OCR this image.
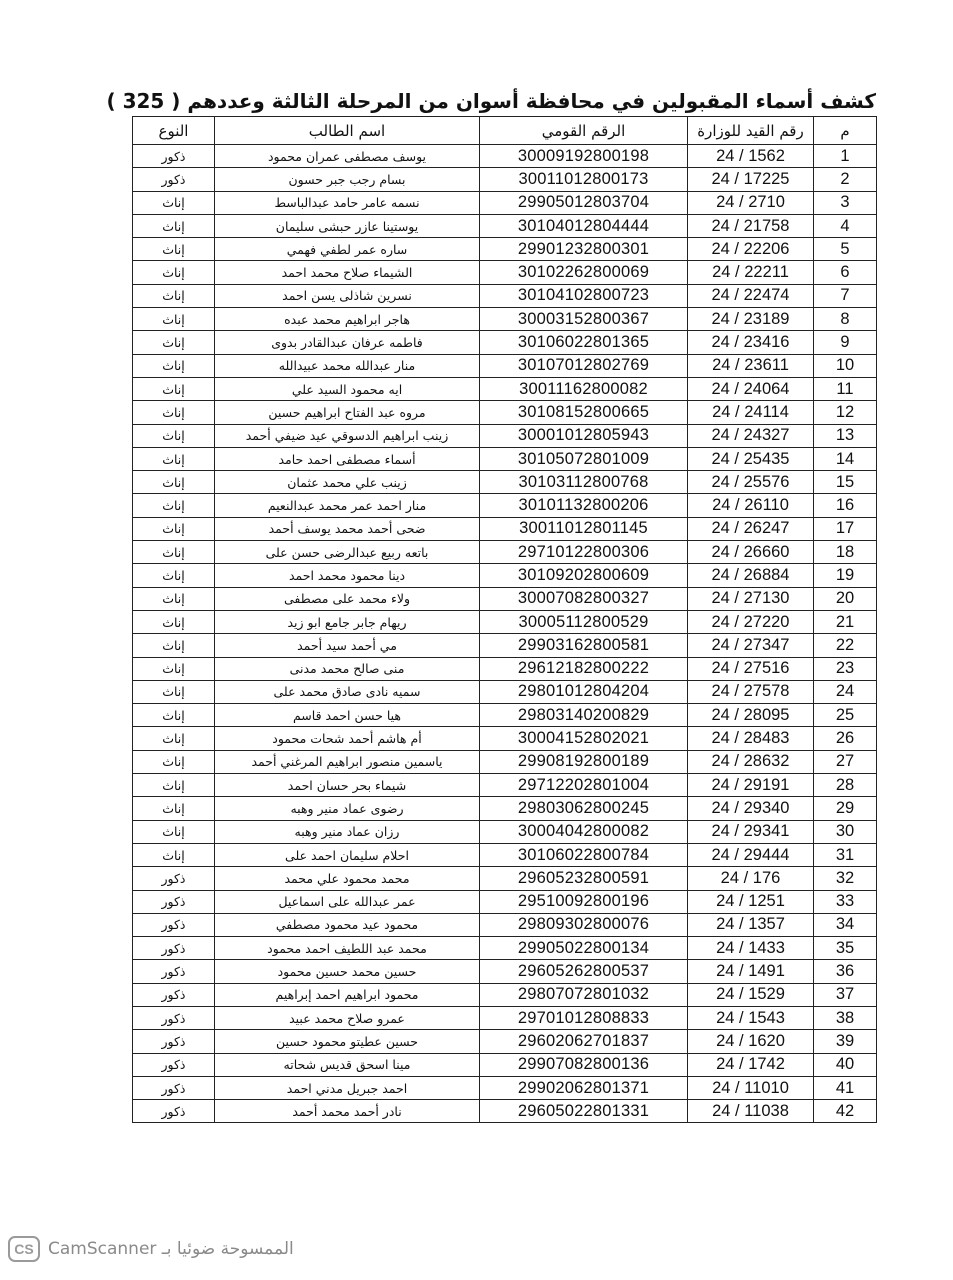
كشف أسماء المقبولين في محافظة أسوان من المرحلة الثالثة وعددهم ( 325 )
م	رقم القيد للوزارة	الرقم القومي	اسم الطالب	النوع
1	24 / 1562	30009192800198	يوسف مصطفى عمران محمود	ذكور
2	24 / 17225	30011012800173	بسام رجب جبر حسون	ذكور
3	24 / 2710	29905012803704	نسمه عامر حامد عبدالباسط	إناث
4	24 / 21758	30104012804444	يوستينا عازر حبشى سليمان	إناث
5	24 / 22206	29901232800301	ساره عمر لطفي فهمي	إناث
6	24 / 22211	30102262800069	الشيماء صلاح محمد احمد	إناث
7	24 / 22474	30104102800723	نسرين شاذلى يسن احمد	إناث
8	24 / 23189	30003152800367	هاجر ابراهيم محمد عبده	إناث
9	24 / 23416	30106022801365	فاطمه عرفان عبدالقادر بدوى	إناث
10	24 / 23611	30107012802769	منار عبدالله محمد عبيدالله	إناث
11	24 / 24064	30011162800082	ايه محمود السيد علي	إناث
12	24 / 24114	30108152800665	مروه عبد الفتاح ابراهيم حسين	إناث
13	24 / 24327	30001012805943	زينب ابراهيم الدسوقي عيد ضيفي أحمد	إناث
14	24 / 25435	30105072801009	أسماء مصطفى احمد حامد	إناث
15	24 / 25576	30103112800768	زينب علي محمد عثمان	إناث
16	24 / 26110	30101132800206	منار احمد عمر محمد عبدالنعيم	إناث
17	24 / 26247	30011012801145	ضحى أحمد محمد يوسف أحمد	إناث
18	24 / 26660	29710122800306	باتعه ربيع عبدالرضى حسن على	إناث
19	24 / 26884	30109202800609	دينا محمود محمد احمد	إناث
20	24 / 27130	30007082800327	ولاء محمد على مصطفى	إناث
21	24 / 27220	30005112800529	ريهام جابر جامع ابو زيد	إناث
22	24 / 27347	29903162800581	مي أحمد سيد أحمد	إناث
23	24 / 27516	29612182800222	منى صالح محمد مدنى	إناث
24	24 / 27578	29801012804204	سميه نادى صادق محمد على	إناث
25	24 / 28095	29803140200829	هيا حسن احمد قاسم	إناث
26	24 / 28483	30004152802021	أم هاشم أحمد شحات محمود	إناث
27	24 / 28632	29908192800189	ياسمين منصور ابراهيم المرغني أحمد	إناث
28	24 / 29191	29712202801004	شيماء بحر حسان احمد	إناث
29	24 / 29340	29803062800245	رضوى عماد منير وهبه	إناث
30	24 / 29341	30004042800082	رزان عماد منير وهبه	إناث
31	24 / 29444	30106022800784	احلام سليمان احمد على	إناث
32	24 / 176	29605232800591	محمد محمود علي محمد	ذكور
33	24 / 1251	29510092800196	عمر عبدالله على اسماعيل	ذكور
34	24 / 1357	29809302800076	محمود عيد محمود مصطفي	ذكور
35	24 / 1433	29905022800134	محمد عبد اللطيف احمد محمود	ذكور
36	24 / 1491	29605262800537	حسين محمد حسين محمود	ذكور
37	24 / 1529	29807072801032	محمود ابراهيم احمد إبراهيم	ذكور
38	24 / 1543	29701012808833	عمرو صلاح محمد عبيد	ذكور
39	24 / 1620	29602062701837	حسين عطيتو محمود حسين	ذكور
40	24 / 1742	29907082800136	مينا اسحق قديس شحاته	ذكور
41	24 / 11010	29902062801371	احمد جبريل مدني احمد	ذكور
42	24 / 11038	29605022801331	نادر أحمد محمد أحمد	ذكور
CS الممسوحة ضوئيا بـ CamScanner
